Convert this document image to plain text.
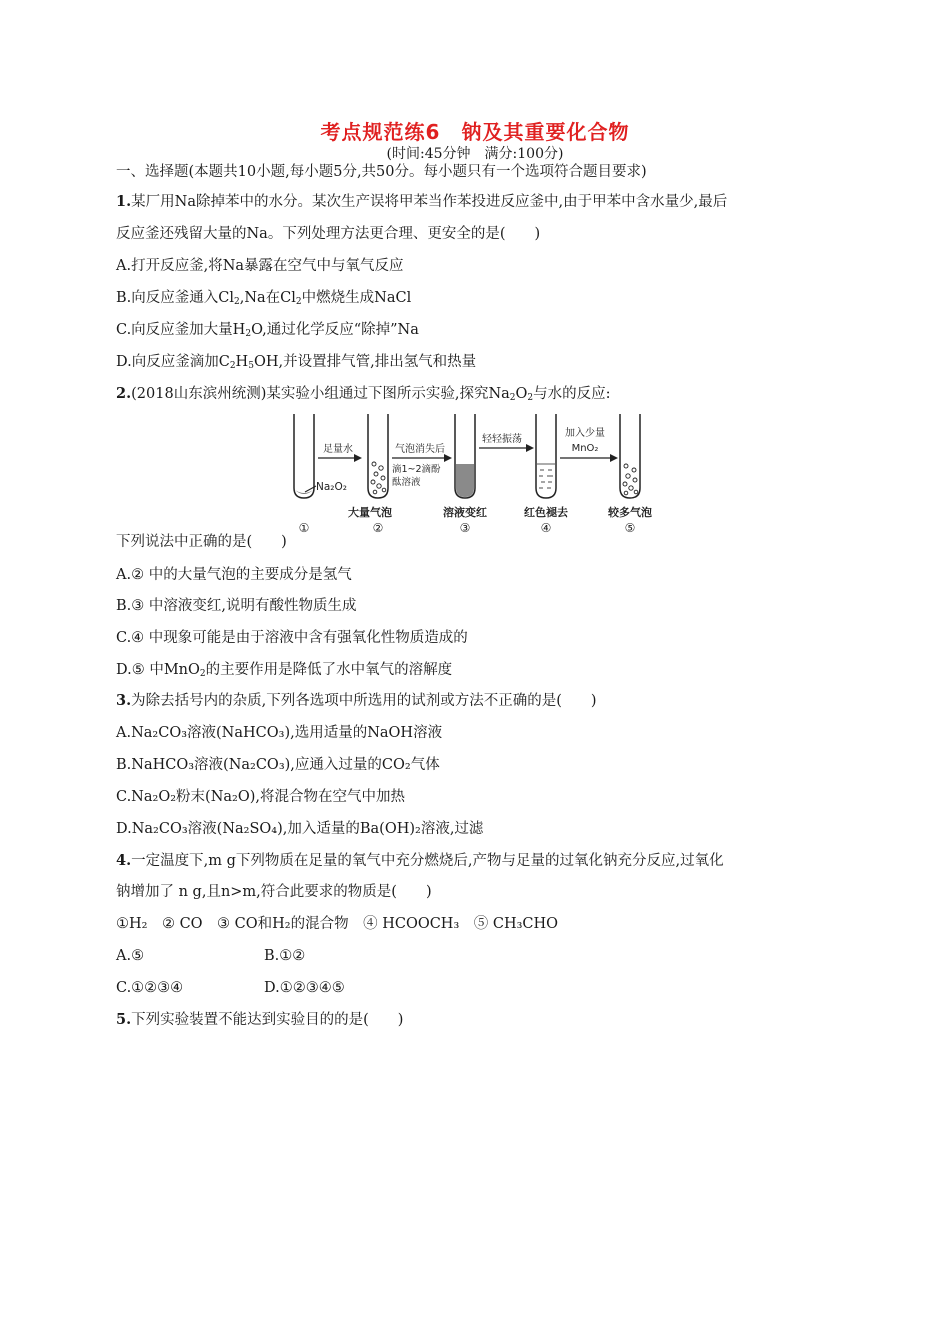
考点规范练6　钠及其重要化合物
(时间:45分钟　满分:100分)
一、选择题(本题共10小题,每小题5分,共50分。每小题只有一个选项符合题目要求)
1.某厂用Na除掉苯中的水分。某次生产误将甲苯当作苯投进反应釜中,由于甲苯中含水量少,最后
反应釜还残留大量的Na。下列处理方法更合理、更安全的是(　　)
A.打开反应釜,将Na暴露在空气中与氧气反应
B.向反应釜通入$Cl_2,Na$在$Cl_2$中燃烧生成NaCl
C.向反应釜加大量$H_2O$,通过化学反应“除掉”Na
D.向反应釜滴加$C_2H_5OH$,并设置排气管,排出氢气和热量
2.(2018山东滨州统测)某实验小组通过下图所示实验,探究$Na_2O_2$与水的反应:
Na₂O₂
足量水
大量气泡
气泡消失后
滴1~2滴酚
酞溶液
溶液变红
轻轻振荡
红色褪去
加入少量
MnO₂
较多气泡
①	②	③	④	⑤
下列说法中正确的是(　　)
A.② 中的大量气泡的主要成分是氢气
B.③ 中溶液变红,说明有酸性物质生成
C.④ 中现象可能是由于溶液中含有强氧化性物质造成的
D.⑤ 中MnO$_2$的主要作用是降低了水中氧气的溶解度
3.为除去括号内的杂质,下列各选项中所选用的试剂或方法不正确的是(　　)
A.Na₂CO₃溶液(NaHCO₃),选用适量的NaOH溶液
B.NaHCO₃溶液(Na₂CO₃),应通入过量的CO₂气体
C.Na₂O₂粉末(Na₂O),将混合物在空气中加热
D.Na₂CO₃溶液(Na₂SO₄),加入适量的Ba(OH)₂溶液,过滤
4.一定温度下,m g下列物质在足量的氧气中充分燃烧后,产物与足量的过氧化钠充分反应,过氧化
钠增加了 n g,且n>m,符合此要求的物质是(　　)
①H₂　② CO　③ CO和H₂的混合物　④ HCOOCH₃　⑤ CH₃CHO
A.⑤	B.①②
C.①②③④	D.①②③④⑤
5.下列实验装置不能达到实验目的的是(　　)
